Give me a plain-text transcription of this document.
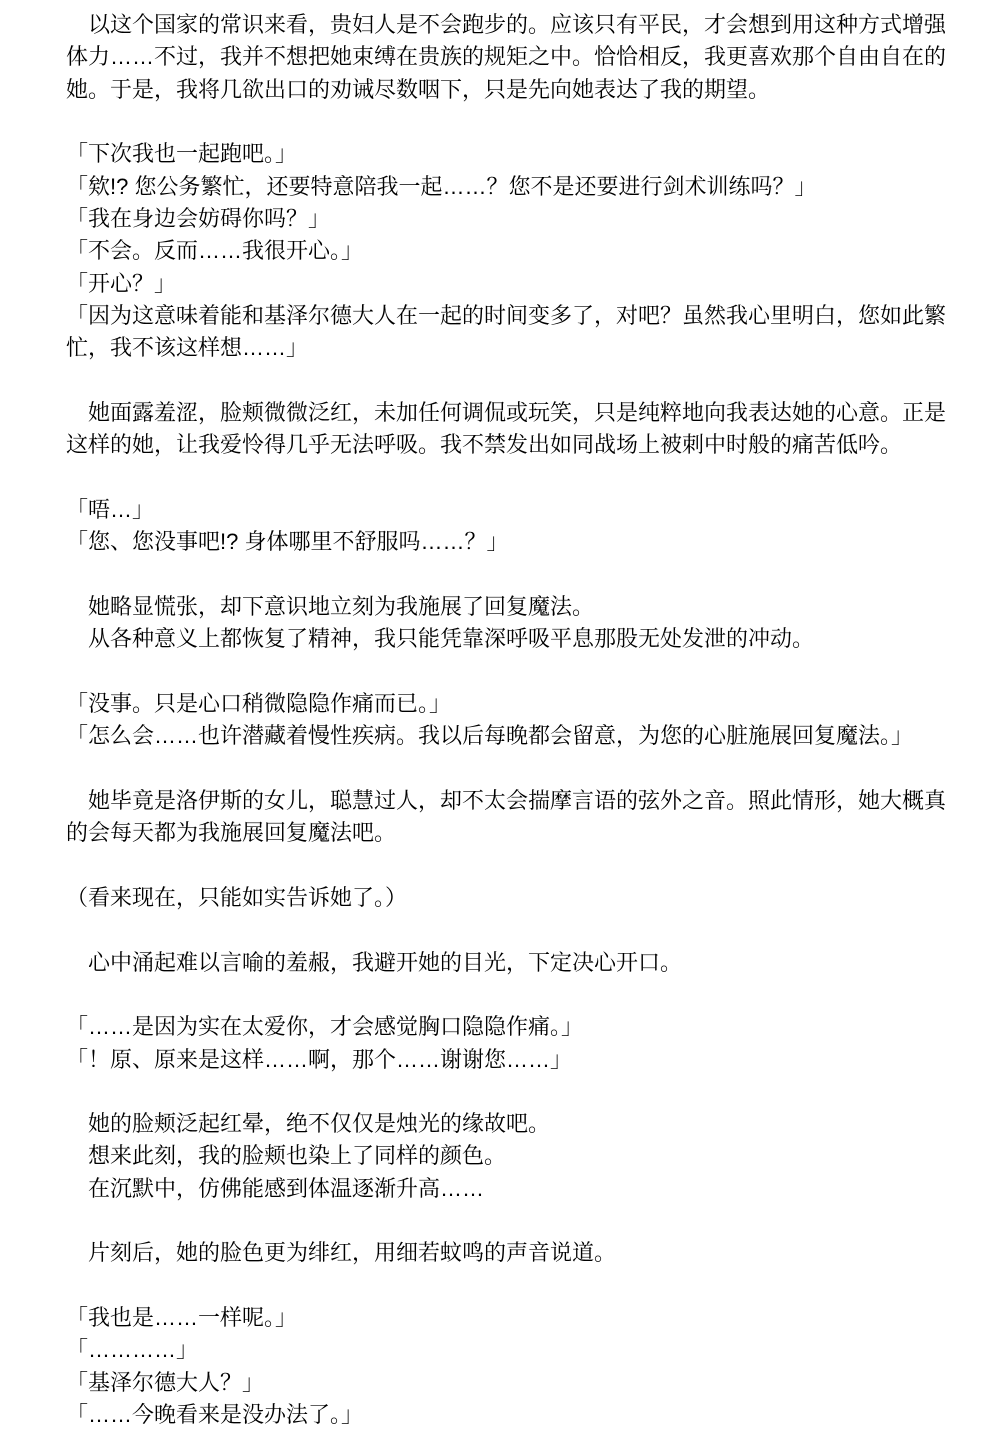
　以这个国家的常识来看，贵妇人是不会跑步的。应该只有平民，才会想到用这种方式增强
体力……不过，我并不想把她束缚在贵族的规矩之中。恰恰相反，我更喜欢那个自由自在的
她。于是，我将几欲出口的劝诫尽数咽下，只是先向她表达了我的期望。
「下次我也一起跑吧。」
「欸!? 您公务繁忙，还要特意陪我一起……？您不是还要进行剑术训练吗？」
「我在身边会妨碍你吗？」
「不会。反而……我很开心。」
「开心？」
「因为这意味着能和基泽尔德大人在一起的时间变多了，对吧？虽然我心里明白，您如此繁
忙，我不该这样想……」
　她面露羞涩，脸颊微微泛红，未加任何调侃或玩笑，只是纯粹地向我表达她的心意。正是
这样的她，让我爱怜得几乎无法呼吸。我不禁发出如同战场上被刺中时般的痛苦低吟。
「唔…」
「您、您没事吧!? 身体哪里不舒服吗……？」
　她略显慌张，却下意识地立刻为我施展了回复魔法。
　从各种意义上都恢复了精神，我只能凭靠深呼吸平息那股无处发泄的冲动。
「没事。只是心口稍微隐隐作痛而已。」
「怎么会……也许潜藏着慢性疾病。我以后每晚都会留意，为您的心脏施展回复魔法。」
　她毕竟是洛伊斯的女儿，聪慧过人，却不太会揣摩言语的弦外之音。照此情形，她大概真
的会每天都为我施展回复魔法吧。
（看来现在，只能如实告诉她了。）
　心中涌起难以言喻的羞赧，我避开她的目光，下定决心开口。
「……是因为实在太爱你，才会感觉胸口隐隐作痛。」
「！原、原来是这样……啊，那个……谢谢您……」
　她的脸颊泛起红晕，绝不仅仅是烛光的缘故吧。
　想来此刻，我的脸颊也染上了同样的颜色。
　在沉默中，仿佛能感到体温逐渐升高……
　片刻后，她的脸色更为绯红，用细若蚊鸣的声音说道。
「我也是……一样呢。」
「…………」
「基泽尔德大人？」
「……今晚看来是没办法了。」
